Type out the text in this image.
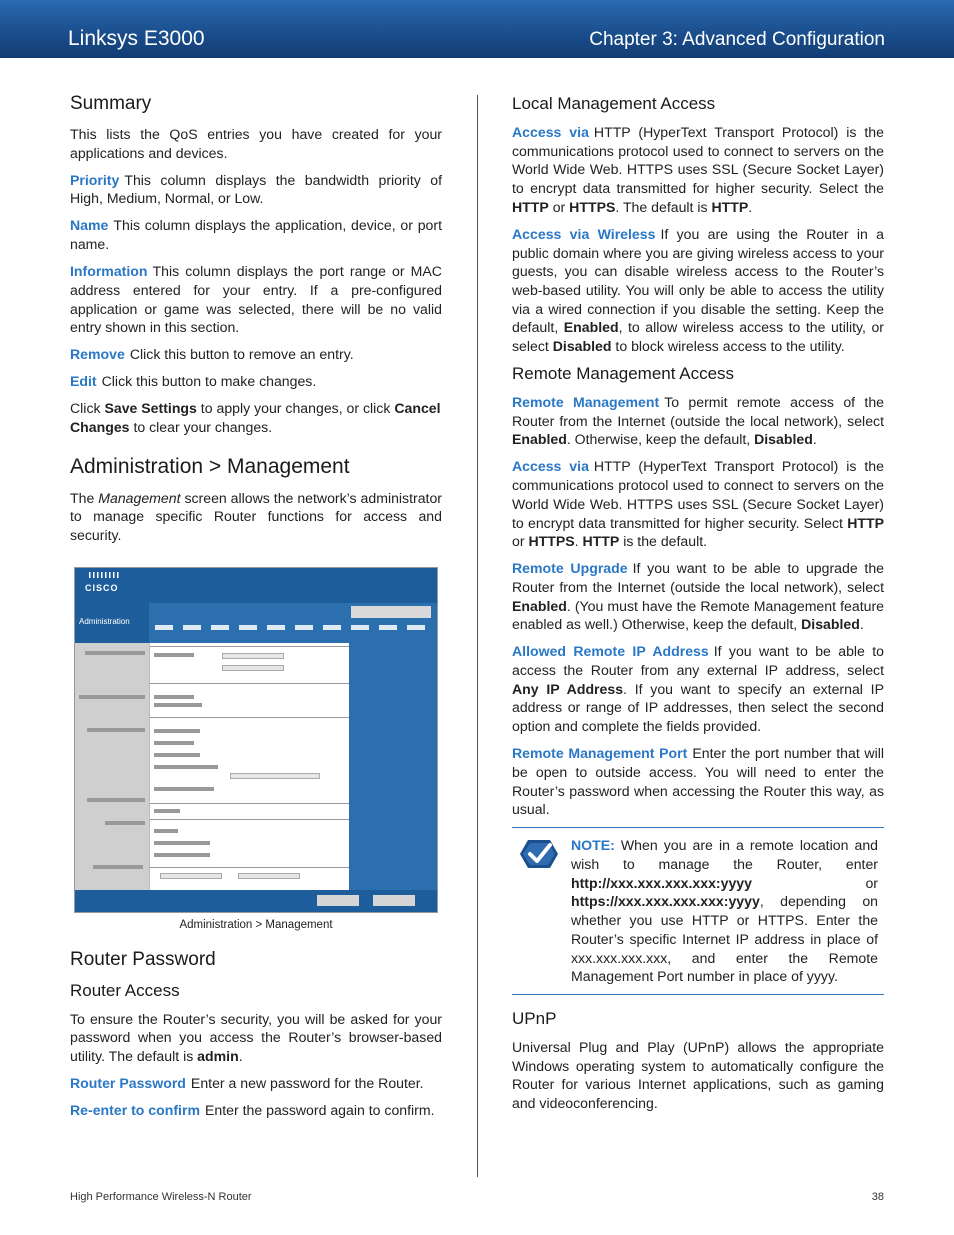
Linksys E3000	Chapter 3: Advanced Configuration
Summary

This lists the QoS entries you have created for your applications and devices.

Priority This column displays the bandwidth priority of High, Medium, Normal, or Low.

Name This column displays the application, device, or port name.

Information This column displays the port range or MAC address entered for your entry. If a pre-configured application or game was selected, there will be no valid entry shown in this section.

Remove Click this button to remove an entry.

Edit Click this button to make changes.

Click Save Settings to apply your changes, or click Cancel Changes to clear your changes.

Administration > Management

The Management screen allows the network’s administrator to manage specific Router functions for access and security.

CISCO
Administration
Administration > Management
Router Password
Router Access

To ensure the Router’s security, you will be asked for your password when you access the Router’s browser-based utility. The default is admin.

Router Password Enter a new password for the Router.

Re-enter to confirm Enter the password again to confirm.

Local Management Access

Access via HTTP (HyperText Transport Protocol) is the communications protocol used to connect to servers on the World Wide Web. HTTPS uses SSL (Secure Socket Layer) to encrypt data transmitted for higher security. Select the HTTP or HTTPS. The default is HTTP.

Access via Wireless If you are using the Router in a public domain where you are giving wireless access to your guests, you can disable wireless access to the Router’s web-based utility. You will only be able to access the utility via a wired connection if you disable the setting. Keep the default, Enabled, to allow wireless access to the utility, or select Disabled to block wireless access to the utility.

Remote Management Access

Remote Management To permit remote access of the Router from the Internet (outside the local network), select Enabled. Otherwise, keep the default, Disabled.

Access via HTTP (HyperText Transport Protocol) is the communications protocol used to connect to servers on the World Wide Web. HTTPS uses SSL (Secure Socket Layer) to encrypt data transmitted for higher security. Select HTTP or HTTPS. HTTP is the default.

Remote Upgrade If you want to be able to upgrade the Router from the Internet (outside the local network), select Enabled. (You must have the Remote Management feature enabled as well.) Otherwise, keep the default, Disabled.

Allowed Remote IP Address If you want to be able to access the Router from any external IP address, select Any IP Address. If you want to specify an external IP address or range of IP addresses, then select the second option and complete the fields provided.

Remote Management Port Enter the port number that will be open to outside access. You will need to enter the Router’s password when accessing the Router this way, as usual.

NOTE: When you are in a remote location and wish to manage the Router, enter http://xxx.xxx.xxx.xxx:yyyy or https://xxx.xxx.xxx.xxx:yyyy, depending on whether you use HTTP or HTTPS. Enter the Router’s specific Internet IP address in place of xxx.xxx.xxx.xxx, and enter the Remote Management Port number in place of yyyy.

UPnP

Universal Plug and Play (UPnP) allows the appropriate Windows operating system to automatically configure the Router for various Internet applications, such as gaming and videoconferencing.

High Performance Wireless-N Router	38
